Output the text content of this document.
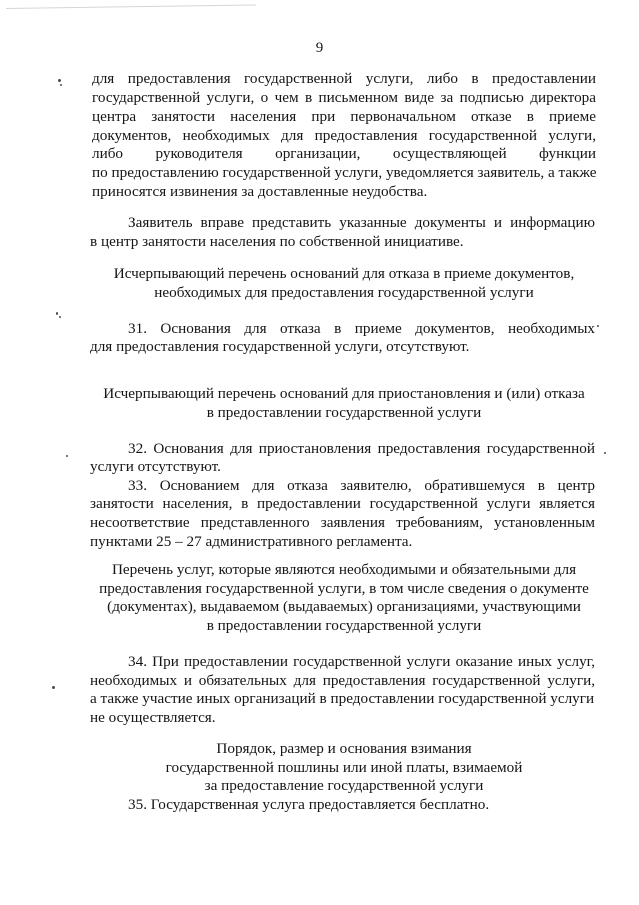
9
для предоставления государственной услуги, либо в предоставлении
государственной услуги, о чем в письменном виде за подписью директора
центра занятости населения при первоначальном отказе в приеме
документов, необходимых для предоставления государственной услуги,
либо руководителя организации, осуществляющей функции
по предоставлению государственной услуги, уведомляется заявитель, а также
приносятся извинения за доставленные неудобства.
Заявитель вправе представить указанные документы и информацию
в центр занятости населения по собственной инициативе.
Исчерпывающий перечень оснований для отказа в приеме документов,
необходимых для предоставления государственной услуги
31. Основания для отказа в приеме документов, необходимых
для предоставления государственной услуги, отсутствуют.
Исчерпывающий перечень оснований для приостановления и (или) отказа
в предоставлении государственной услуги
32. Основания для приостановления предоставления государственной
услуги отсутствуют.
33. Основанием для отказа заявителю, обратившемуся в центр
занятости населения, в предоставлении государственной услуги является
несоответствие представленного заявления требованиям, установленным
пунктами 25 – 27 административного регламента.
Перечень услуг, которые являются необходимыми и обязательными для
предоставления государственной услуги, в том числе сведения о документе
(документах), выдаваемом (выдаваемых) организациями, участвующими
в предоставлении государственной услуги
34. При предоставлении государственной услуги оказание иных услуг,
необходимых и обязательных для предоставления государственной услуги,
а также участие иных организаций в предоставлении государственной услуги
не осуществляется.
Порядок, размер и основания взимания
государственной пошлины или иной платы, взимаемой
за предоставление государственной услуги
35. Государственная услуга предоставляется бесплатно.
